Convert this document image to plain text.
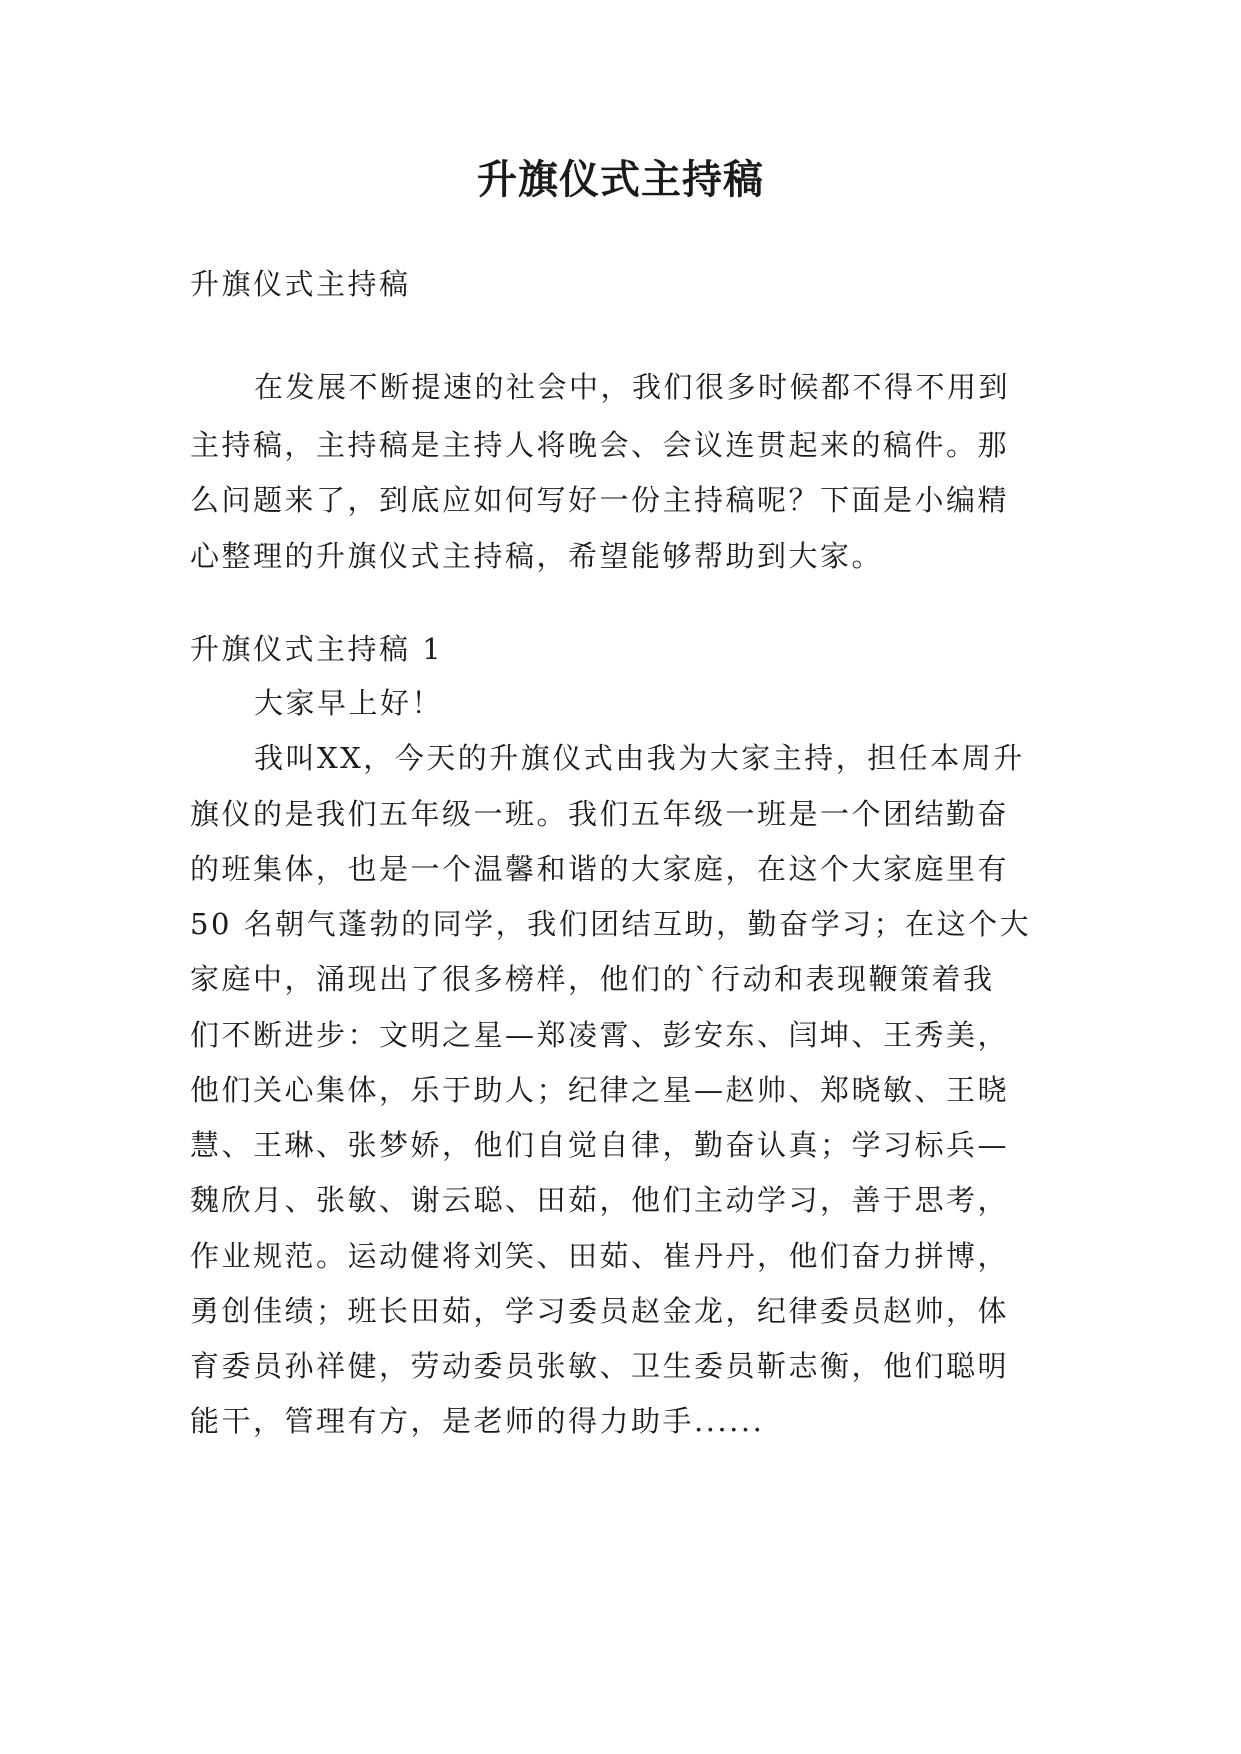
升旗仪式主持稿
升旗仪式主持稿
在发展不断提速的社会中，我们很多时候都不得不用到
主持稿，主持稿是主持人将晚会、会议连贯起来的稿件。那
么问题来了，到底应如何写好一份主持稿呢？下面是小编精
心整理的升旗仪式主持稿，希望能够帮助到大家。
升旗仪式主持稿 1
大家早上好！
我叫XX，今天的升旗仪式由我为大家主持，担任本周升
旗仪的是我们五年级一班。我们五年级一班是一个团结勤奋
的班集体，也是一个温馨和谐的大家庭，在这个大家庭里有
50 名朝气蓬勃的同学，我们团结互助，勤奋学习；在这个大
家庭中，涌现出了很多榜样，他们的`行动和表现鞭策着我
们不断进步：文明之星—郑凌霄、彭安东、闫坤、王秀美，
他们关心集体，乐于助人；纪律之星—赵帅、郑晓敏、王晓
慧、王琳、张梦娇，他们自觉自律，勤奋认真；学习标兵—
魏欣月、张敏、谢云聪、田茹，他们主动学习，善于思考，
作业规范。运动健将刘笑、田茹、崔丹丹，他们奋力拼博，
勇创佳绩；班长田茹，学习委员赵金龙，纪律委员赵帅，体
育委员孙祥健，劳动委员张敏、卫生委员靳志衡，他们聪明
能干，管理有方，是老师的得力助手......
